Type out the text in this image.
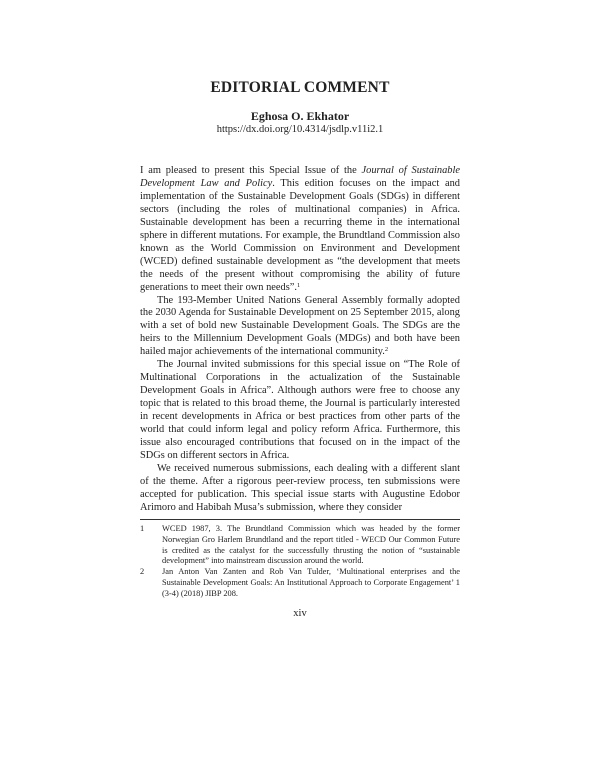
EDITORIAL COMMENT
Eghosa O. Ekhator
https://dx.doi.org/10.4314/jsdlp.v11i2.1

I am pleased to present this Special Issue of the Journal of Sustainable Development Law and Policy. This edition focuses on the impact and implementation of the Sustainable Development Goals (SDGs) in different sectors (including the roles of multinational companies) in Africa. Sustainable development has been a recurring theme in the international sphere in different mutations. For example, the Brundtland Commission also known as the World Commission on Environment and Development (WCED) defined sustainable development as “the development that meets the needs of the present without compromising the ability of future generations to meet their own needs”.$^1$

The 193-Member United Nations General Assembly formally adopted the 2030 Agenda for Sustainable Development on 25 September 2015, along with a set of bold new Sustainable Development Goals. The SDGs are the heirs to the Millennium Development Goals (MDGs) and both have been hailed major achievements of the international community.$^2$

The Journal invited submissions for this special issue on “The Role of Multinational Corporations in the actualization of the Sustainable Development Goals in Africa”. Although authors were free to choose any topic that is related to this broad theme, the Journal is particularly interested in recent developments in Africa or best practices from other parts of the world that could inform legal and policy reform Africa. Furthermore, this issue also encouraged contributions that focused on in the impact of the SDGs on different sectors in Africa.

We received numerous submissions, each dealing with a different slant of the theme. After a rigorous peer-review process, ten submissions were accepted for publication. This special issue starts with Augustine Edobor Arimoro and Habibah Musa’s submission, where they consider

1	WCED 1987, 3. The Brundtland Commission which was headed by the former Norwegian Gro Harlem Brundtland and the report titled - WECD Our Common Future is credited as the catalyst for the successfully thrusting the notion of “sustainable development” into mainstream discussion around the world.
2	Jan Anton Van Zanten and Rob Van Tulder, ‘Multinational enterprises and the Sustainable Development Goals: An Institutional Approach to Corporate Engagement’ 1 (3-4) (2018) JIBP 208.
xiv
